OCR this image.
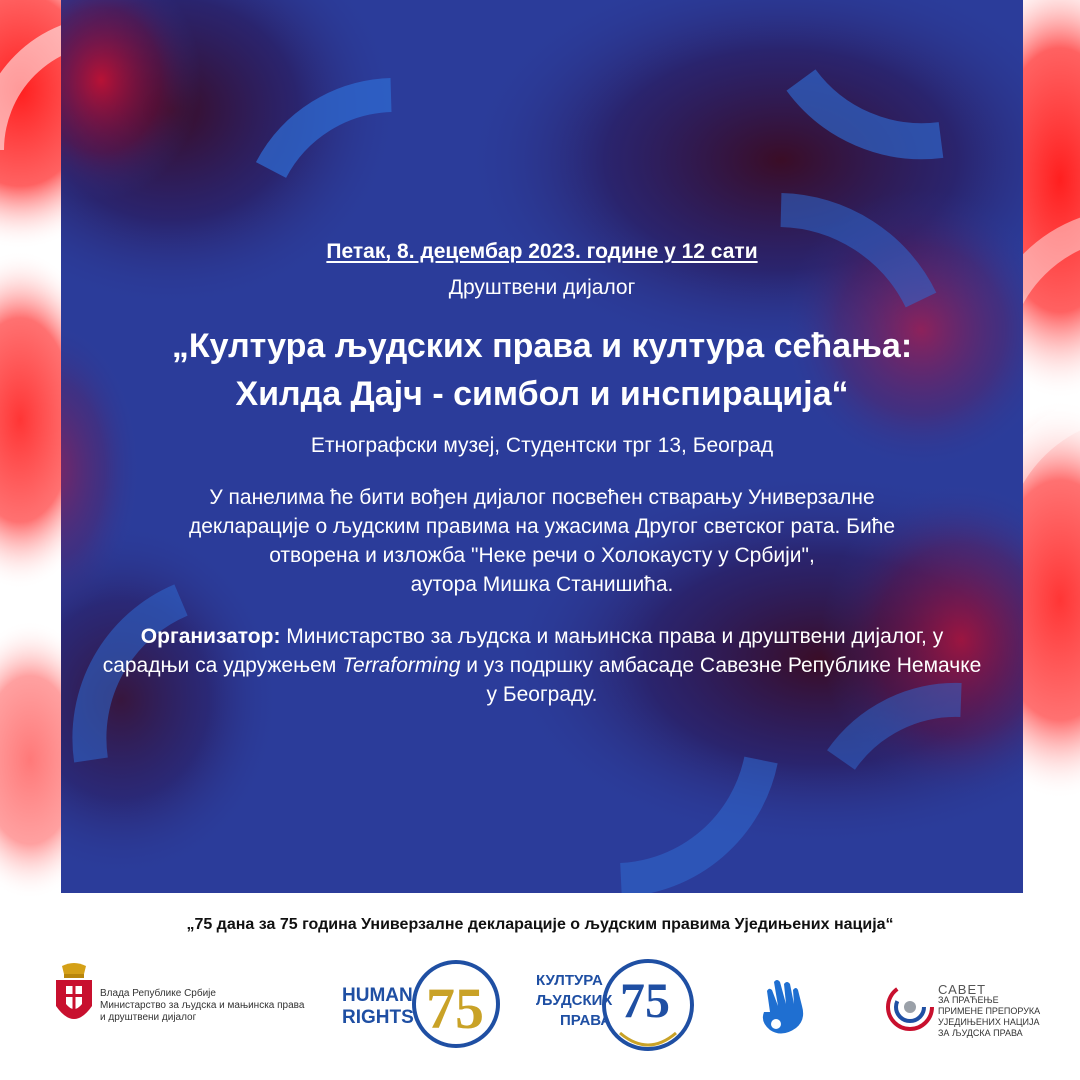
Петак, 8. децембар 2023. године у 12 сати
Друштвени дијалог
„Култура људских права и култура сећања:
Хилда Дајч - симбол и инспирација“
Етнографски музеј, Студентски трг 13, Београд
У панелима ће бити вођен дијалог посвећен стварању Универзалне
декларације о људским правима на ужасима Другог светског рата. Биће
отворена и изложба "Неке речи о Холокаусту у Србији",
аутора Мишка Станишића.
Организатор: Министарство за људска и мањинска права и друштвени дијалог, у сарадњи са удружењем Terraforming и уз подршку амбасаде Савезне Републике Немачке у Београду.
„75 дана за 75 година Универзалне декларације о људским правима Уједињених нација“
Влада Републике Србије
Министарство за људска и мањинска права
и друштвени дијалог
HUMAN
RIGHTS 75	КУЛТУРА
ЉУДСКИХ
ПРАВА 75	САВЕТ
ЗА ПРАЋЕЊЕ
ПРИМЕНЕ ПРЕПОРУКА
УЈЕДИЊЕНИХ НАЦИЈА
ЗА ЉУДСКА ПРАВА
